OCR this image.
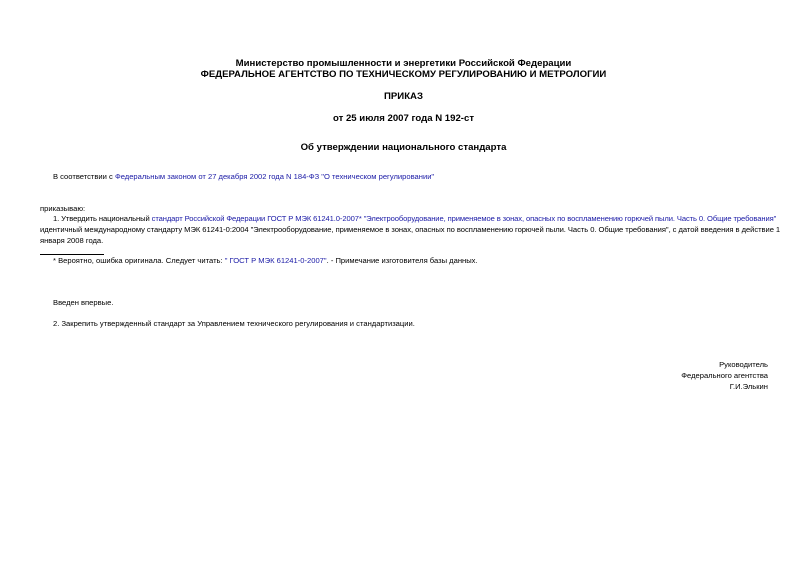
Министерство промышленности и энергетики Российской Федерации
ФЕДЕРАЛЬНОЕ АГЕНТСТВО ПО ТЕХНИЧЕСКОМУ РЕГУЛИРОВАНИЮ И МЕТРОЛОГИИ
ПРИКАЗ
от 25 июля 2007 года N 192-ст
Об утверждении национального стандарта
В соответствии с Федеральным законом от 27 декабря 2002 года N 184-ФЗ "О техническом регулировании"
приказываю:
1. Утвердить национальный стандарт Российской Федерации ГОСТ Р МЭК 61241.0-2007* "Электрооборудование, применяемое в зонах, опасных по воспламенению горючей пыли. Часть 0. Общие требования"
идентичный международному стандарту МЭК 61241-0:2004 "Электрооборудование, применяемое в зонах, опасных по воспламенению горючей пыли. Часть 0. Общие требования", с датой введения в действие 1
января 2008 года.
* Вероятно, ошибка оригинала. Следует читать: " ГОСТ Р МЭК 61241-0-2007". - Примечание изготовителя базы данных.
Введен впервые.
2. Закрепить утвержденный стандарт за Управлением технического регулирования и стандартизации.
Руководитель
Федерального агентства
Г.И.Элькин
